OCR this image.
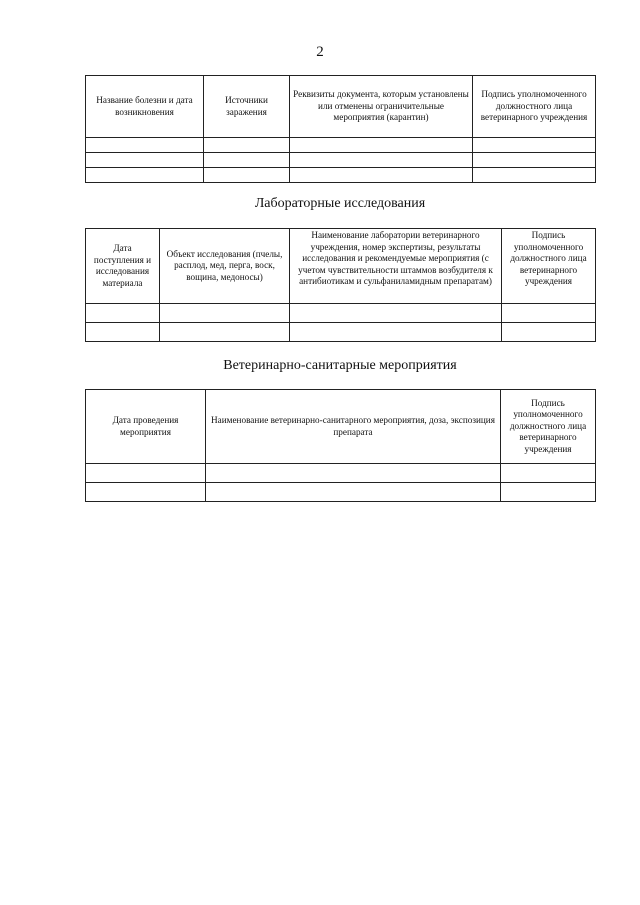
2
Название болезни и дата возникновения	Источники заражения	Реквизиты документа, которым установлены или отменены ограничительные мероприятия (карантин)	Подпись уполномоченного должностного лица ветеринарного учреждения

Лабораторные исследования
Дата поступления и исследования материала	Объект исследования (пчелы, расплод, мед, перга, воск, вощина, медоносы)	Наименование лаборатории ветеринарного учреждения, номер экспертизы, результаты исследования и рекомендуемые мероприятия (с учетом чувствительности штаммов возбудителя к антибиотикам и сульфаниламидным препаратам)	Подпись уполномоченного должностного лица ветеринарного учреждения

Ветеринарно-санитарные мероприятия
Дата проведения мероприятия	Наименование ветеринарно-санитарного мероприятия, доза, экспозиция препарата	Подпись уполномоченного должностного лица ветеринарного учреждения
